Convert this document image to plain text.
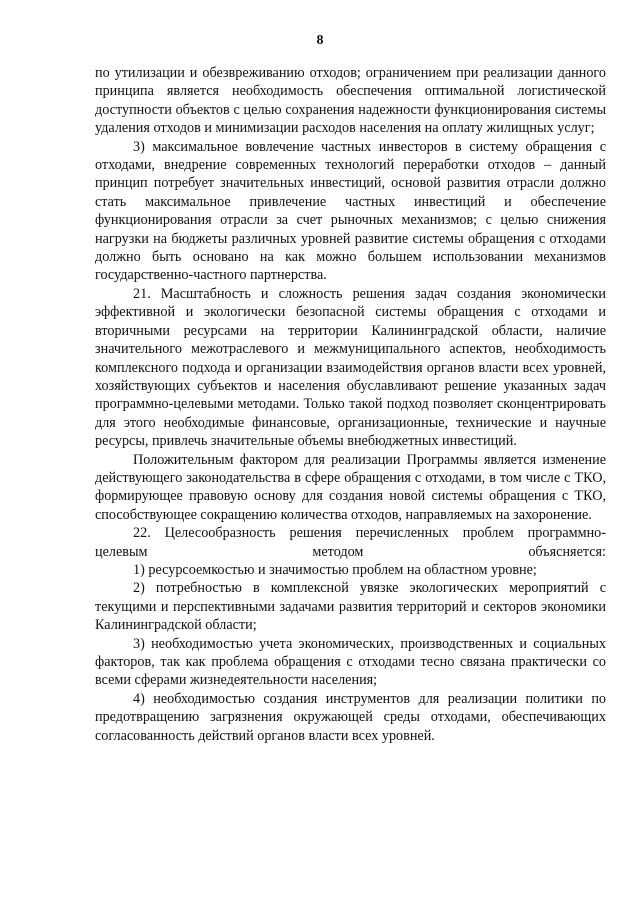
8

по утилизации и обезвреживанию отходов; ограничением при реализации данного принципа является необходимость обеспечения оптимальной логистической доступности объектов с целью сохранения надежности функционирования системы удаления отходов и минимизации расходов населения на оплату жилищных услуг;

3) максимальное вовлечение частных инвесторов в систему обращения с отходами, внедрение современных технологий переработки отходов – данный принцип потребует значительных инвестиций, основой развития отрасли должно стать максимальное привлечение частных инвестиций и обеспечение функционирования отрасли за счет рыночных механизмов; с целью снижения нагрузки на бюджеты различных уровней развитие системы обращения с отходами должно быть основано на как можно большем использовании механизмов государственно-частного партнерства.

21. Масштабность и сложность решения задач создания экономически эффективной и экологически безопасной системы обращения с отходами и вторичными ресурсами на территории Калининградской области, наличие значительного межотраслевого и межмуниципального аспектов, необходимость комплексного подхода и организации взаимодействия органов власти всех уровней, хозяйствующих субъектов и населения обуславливают решение указанных задач программно-целевыми методами. Только такой подход позволяет сконцентрировать для этого необходимые финансовые, организационные, технические и научные ресурсы, привлечь значительные объемы внебюджетных инвестиций.

Положительным фактором для реализации Программы является изменение действующего законодательства в сфере обращения с отходами, в том числе с ТКО, формирующее правовую основу для создания новой системы обращения с ТКО, способствующее сокращению количества отходов, направляемых на захоронение.

22. Целесообразность решения перечисленных проблем программно-целевым методом объясняется:

1) ресурсоемкостью и значимостью проблем на областном уровне;

2) потребностью в комплексной увязке экологических мероприятий с текущими и перспективными задачами развития территорий и секторов экономики Калининградской области;

3) необходимостью учета экономических, производственных и социальных факторов, так как проблема обращения с отходами тесно связана практически со всеми сферами жизнедеятельности населения;

4) необходимостью создания инструментов для реализации политики по предотвращению загрязнения окружающей среды отходами, обеспечивающих согласованность действий органов власти всех уровней.
